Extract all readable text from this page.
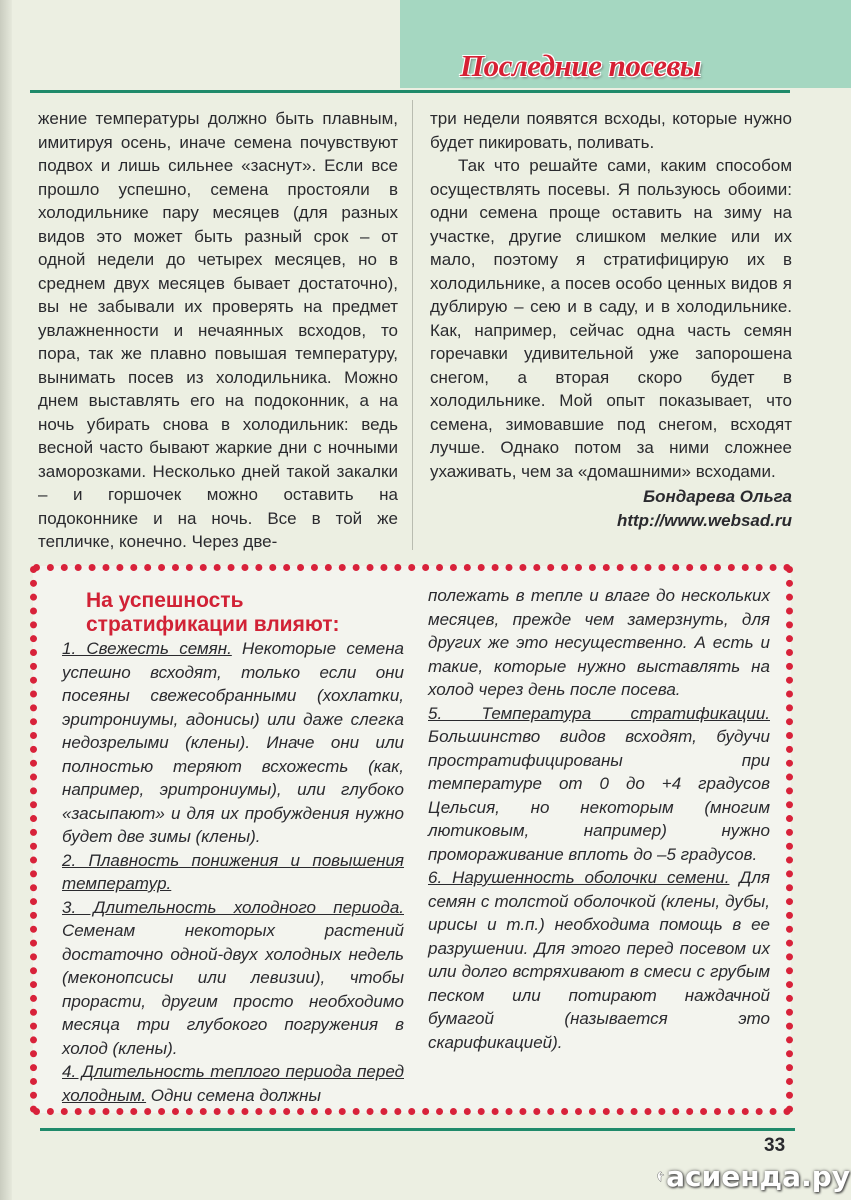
Последние посевы

жение температуры должно быть плавным, имитируя осень, иначе семена почувствуют подвох и лишь сильнее «заснут». Если все прошло успешно, семена простояли в холодильнике пару месяцев (для разных видов это может быть разный срок – от одной недели до четырех месяцев, но в среднем двух месяцев бывает достаточно), вы не забывали их проверять на предмет увлажненности и нечаянных всходов, то пора, так же плавно повышая температуру, вынимать посев из холодильника. Можно днем выставлять его на подоконник, а на ночь убирать снова в холодильник: ведь весной часто бывают жаркие дни с ночными заморозками. Несколько дней такой закалки – и горшочек можно оставить на подоконнике и на ночь. Все в той же тепличке, конечно. Через две-

три недели появятся всходы, которые нужно будет пикировать, поливать.

Так что решайте сами, каким способом осуществлять посевы. Я пользуюсь обоими: одни семена проще оставить на зиму на участке, другие слишком мелкие или их мало, поэтому я стратифицирую их в холодильнике, а посев особо ценных видов я дублирую – сею и в саду, и в холодильнике. Как, например, сейчас одна часть семян горечавки удивительной уже запорошена снегом, а вторая скоро будет в холодильнике. Мой опыт показывает, что семена, зимовавшие под снегом, всходят лучше. Однако потом за ними сложнее ухаживать, чем за «домашними» всходами.

Бондарева Ольга

http://www.websad.ru

На успешность стратификации влияют:
1. Свежесть семян. Некоторые семена успешно всходят, только если они посеяны свежесобранными (хохлатки, эритрониумы, адонисы) или даже слегка недозрелыми (клены). Иначе они или полностью теряют всхожесть (как, например, эритрониумы), или глубоко «засыпают» и для их пробуждения нужно будет две зимы (клены).
2. Плавность понижения и повышения температур.
3. Длительность холодного периода. Семенам некоторых растений достаточно одной-двух холодных недель (меконопсисы или левизии), чтобы прорасти, другим просто необходимо месяца три глубокого погружения в холод (клены).
4. Длительность теплого периода перед холодным. Одни семена должны
полежать в тепле и влаге до нескольких месяцев, прежде чем замерзнуть, для других же это несущественно. А есть и такие, которые нужно выставлять на холод через день после посева.
5. Температура стратификации. Большинство видов всходят, будучи простратифицированы при температуре от 0 до +4 градусов Цельсия, но некоторым (многим лютиковым, например) нужно проморaживание вплоть до –5 градусов.
6. Нарушенность оболочки семени. Для семян с толстой оболочкой (клены, дубы, ирисы и т.п.) необходима помощь в ее разрушении. Для этого перед посевом их или долго встряхивают в смеси с грубым песком или потирают наждачной бумагой (называется это скарификацией).
33
асиенда.ру
